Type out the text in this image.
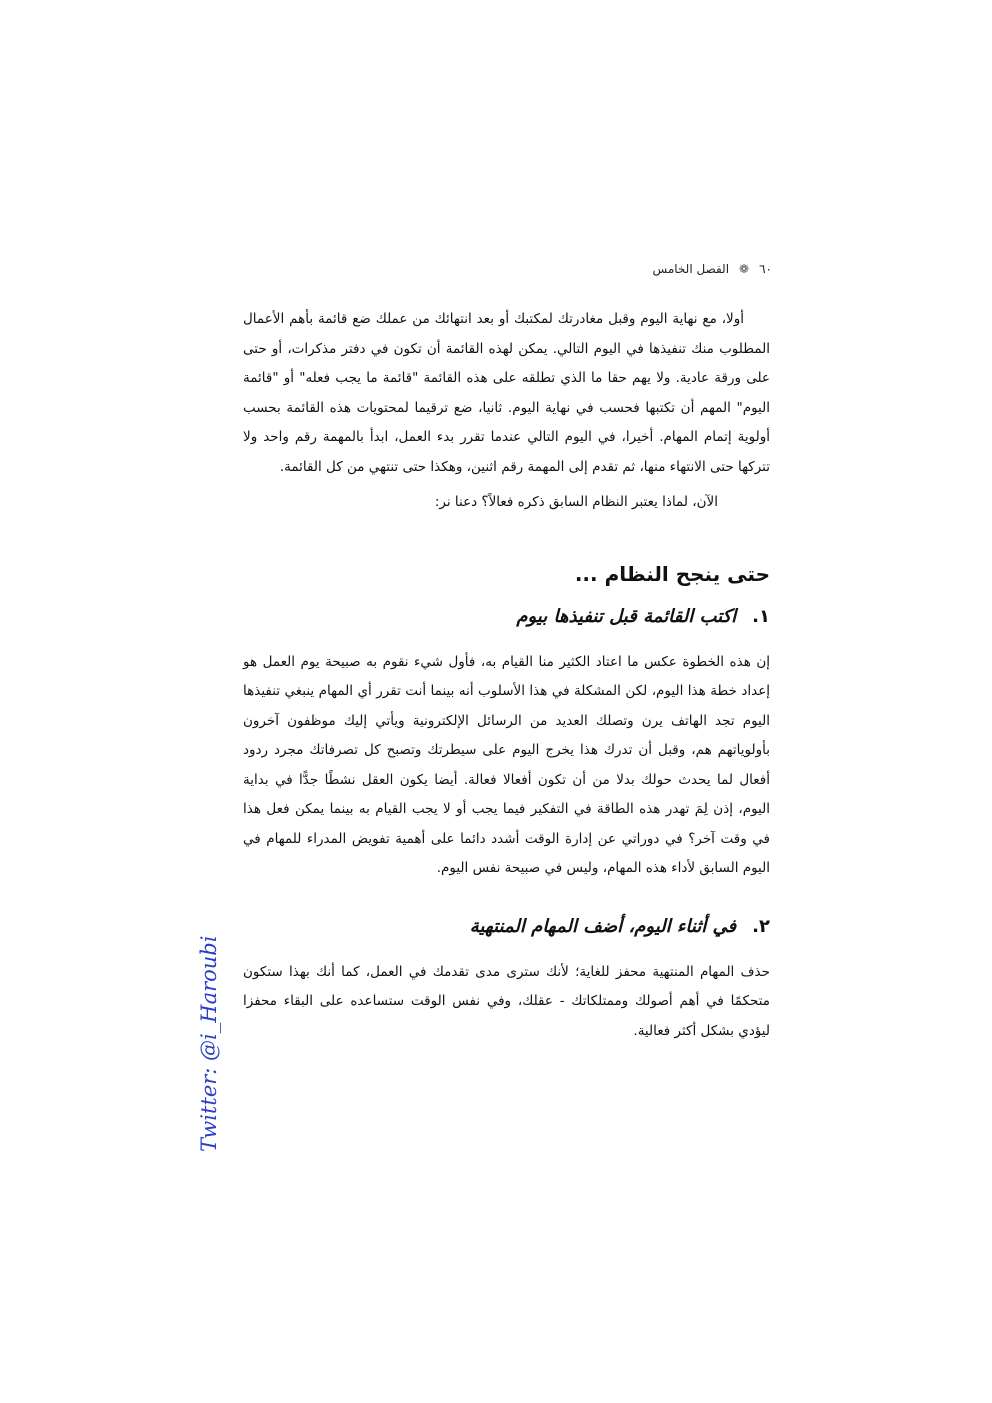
٦٠
❁
الفصل الخامس

أولا، مع نهاية اليوم وقبل مغادرتك لمكتبك أو بعد انتهائك من عملك ضع قائمة بأهم الأعمال المطلوب منك تنفيذها في اليوم التالي. يمكن لهذه القائمة أن تكون في دفتر مذكرات، أو حتى على ورقة عادية. ولا يهم حقا ما الذي تطلقه على هذه القائمة "قائمة ما يجب فعله" أو "قائمة اليوم" المهم أن تكتبها فحسب في نهاية اليوم. ثانيا، ضع ترقيما لمحتويات هذه القائمة بحسب أولوية إتمام المهام. أخيرا، في اليوم التالي عندما تقرر بدء العمل، ابدأ بالمهمة رقم واحد ولا تتركها حتى الانتهاء منها، ثم تقدم إلى المهمة رقم اثنين، وهكذا حتى تنتهي من كل القائمة.

الآن، لماذا يعتبر النظام السابق ذكره فعالاً؟ دعنا نر:

حتى ينجح النظام ...
١.اكتب القائمة قبل تنفيذها بيوم

إن هذه الخطوة عكس ما اعتاد الكثير منا القيام به، فأول شيء نقوم به صبيحة يوم العمل هو إعداد خطة هذا اليوم، لكن المشكلة في هذا الأسلوب أنه بينما أنت تقرر أي المهام ينبغي تنفيذها اليوم تجد الهاتف يرن وتصلك العديد من الرسائل الإلكترونية ويأتي إليك موظفون آخرون بأولوياتهم هم، وقبل أن تدرك هذا يخرج اليوم على سيطرتك وتصبح كل تصرفاتك مجرد ردود أفعال لما يحدث حولك بدلا من أن تكون أفعالا فعالة. أيضا يكون العقل نشطًا جدًّا في بداية اليوم، إذن لِمَ تهدر هذه الطاقة في التفكير فيما يجب أو لا يجب القيام به بينما يمكن فعل هذا في وقت آخر؟ في دوراتي عن إدارة الوقت أشدد دائما على أهمية تفويض المدراء للمهام في اليوم السابق لأداء هذه المهام، وليس في صبيحة نفس اليوم.

٢.في أثناء اليوم، أضف المهام المنتهية

حذف المهام المنتهية محفز للغاية؛ لأنك سترى مدى تقدمك في العمل، كما أنك بهذا ستكون متحكمًا في أهم أصولك وممتلكاتك - عقلك، وفي نفس الوقت ستساعده على البقاء محفزا ليؤدي بشكل أكثر فعالية.

Twitter: @i_Haroubi
